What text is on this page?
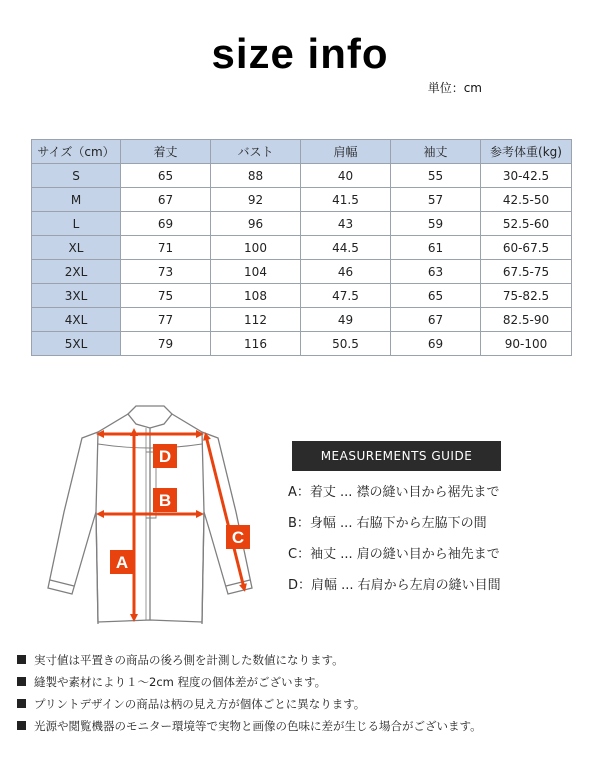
size info
単位：cm
サイズ（cm）	着丈	バスト	肩幅	袖丈	参考体重(kg)
S	65	88	40	55	30-42.5
M	67	92	41.5	57	42.5-50
L	69	96	43	59	52.5-60
XL	71	100	44.5	61	60-67.5
2XL	73	104	46	63	67.5-75
3XL	75	108	47.5	65	75-82.5
4XL	77	112	49	67	82.5-90
5XL	79	116	50.5	69	90-100
D
B
C
A
MEASUREMENTS GUIDE
A：着丈 ... 襟の縫い目から裾先まで
B：身幅 ... 右脇下から左脇下の間
C：袖丈 ... 肩の縫い目から袖先まで
D：肩幅 ... 右肩から左肩の縫い目間
実寸値は平置きの商品の後ろ側を計測した数値になります。
縫製や素材により１～2cm 程度の個体差がございます。
プリントデザインの商品は柄の見え方が個体ごとに異なります。
光源や閲覧機器のモニター環境等で実物と画像の色味に差が生じる場合がございます。
